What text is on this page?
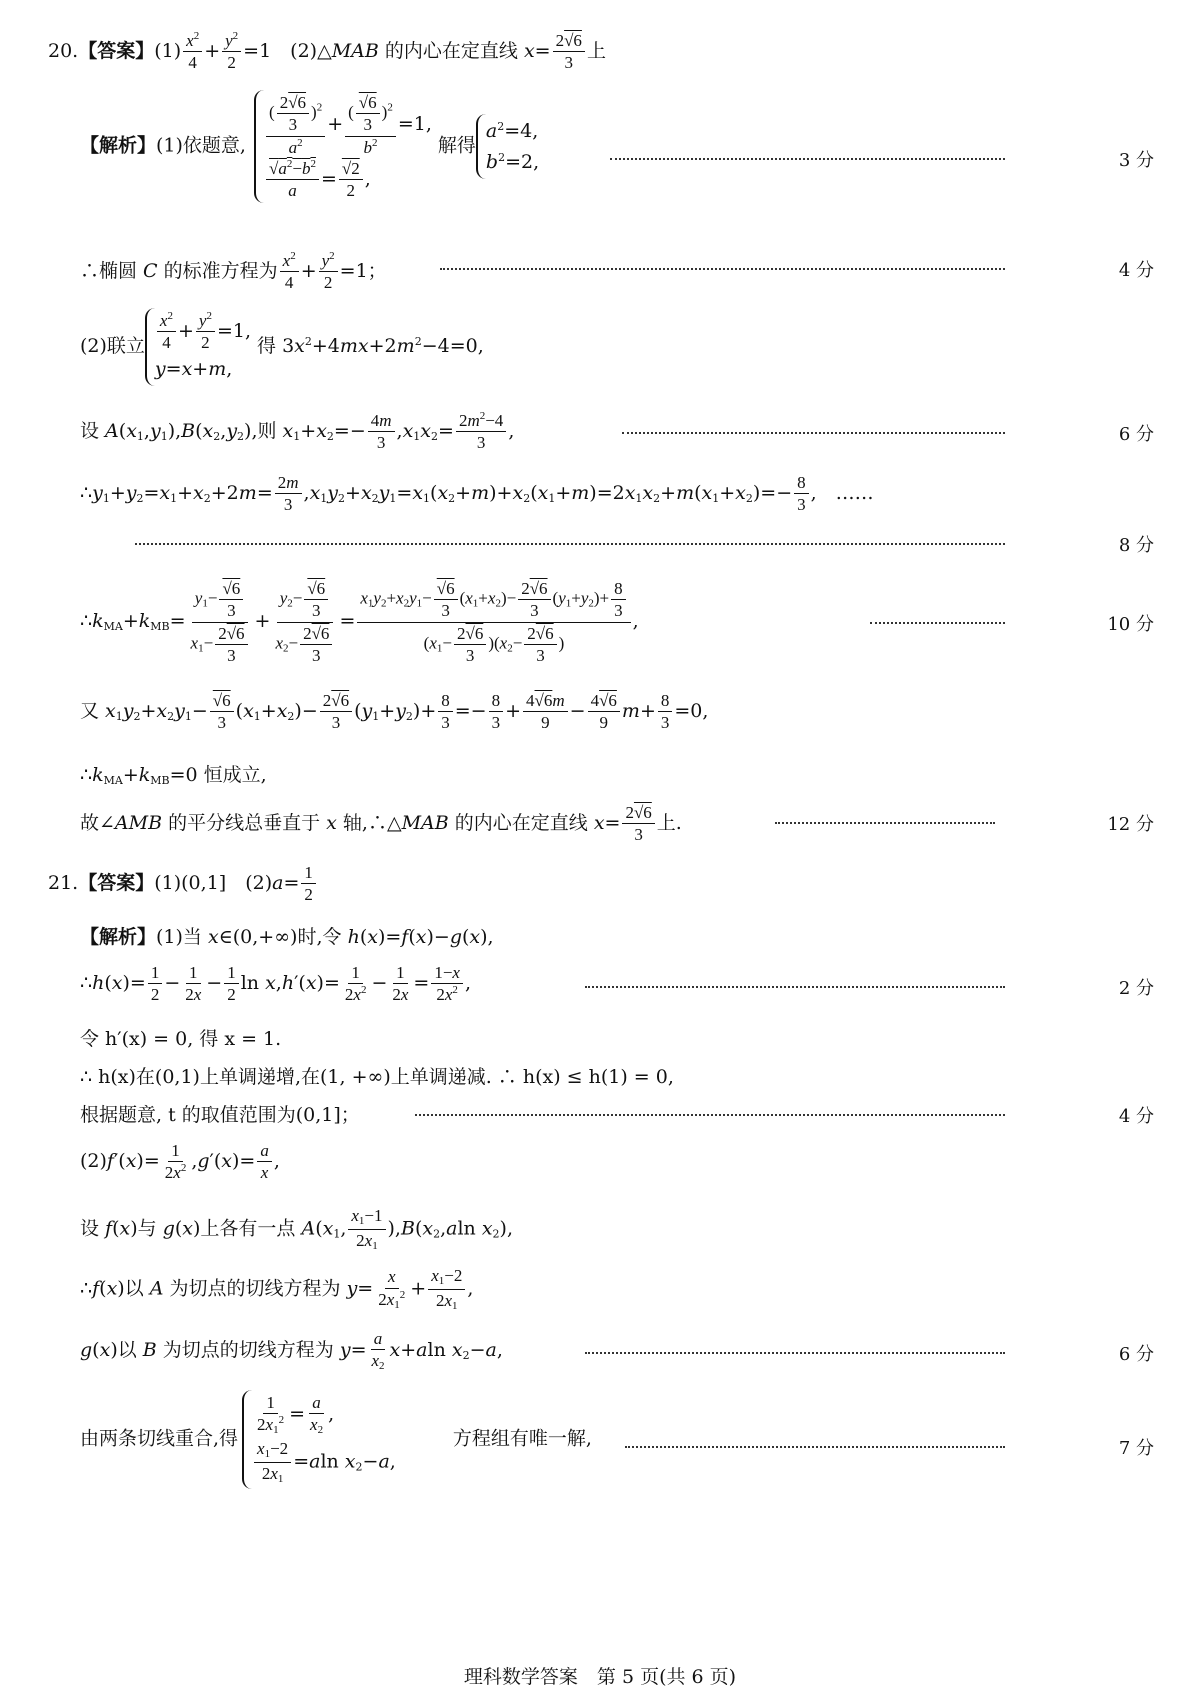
20.【答案】$(1) \frac{x^2}{4} + \frac{y^2}{2} =1$　(2)△MAB 的内心在定直线 $x= \frac{2√6}{3}$ 上
【解析】(1)依题意, $\frac{( \frac{2√6}{3} )^2}{a^2} + \frac{( \frac{√6}{3} )^2}{b^2} =1$,
$\frac{√a^2-b^2}{a} = \frac{√2}{2}$ ,
解得
$a^2=4$,
$b^2=2$,	3 分
∴椭圆 C 的标准方程为 $\frac{x^2}{4} + \frac{y^2}{2} =1$；	4 分
(2)联立 $\frac{x^2}{4} + \frac{y^2}{2} =1$,
y=x+m,
得 $3x^2+4mx+2m^2-4=0$,
设 $A(x_1,y_1),B(x_2,y_2)$,则 $x_1+x_2=- \frac{4m}{3} ,x_1x_2= \frac{2m^2-4}{3}$ ,	6 分
$\therefore y_1+y_2=x_1+x_2+2m= \frac{2m}{3} ,x_1y_2+x_2y_1=x_1(x_2+m)+x_2(x_1+m)=2x_1x_2+m(x_1+x_2)=- \frac{8}{3}$ ,　……
8 分
$\therefore k_{MA}+k_{MB}= \frac{y_1- \frac{√6}{3}}{x_1- \frac{2√6}{3}} + \frac{y_2- \frac{√6}{3}}{x_2- \frac{2√6}{3}} = \frac{x_1y_2+x_2y_1- \frac{√6}{3} (x_1+x_2)- \frac{2√6}{3} (y_1+y_2)+ \frac{8}{3}}{(x_1- \frac{2√6}{3} )(x_2- \frac{2√6}{3} )}$ ,	10 分
又 $x_1y_2+x_2y_1- \frac{√6}{3} (x_1+x_2)- \frac{2√6}{3} (y_1+y_2)+ \frac{8}{3} =- \frac{8}{3} + \frac{4√6m}{9} - \frac{4√6}{9} m+ \frac{8}{3} =0$,
$\therefore k_{MA}+k_{MB}=0$ 恒成立,
故∠AMB 的平分线总垂直于 x 轴,∴△MAB 的内心在定直线 $x= \frac{2√6}{3}$ 上.	12 分
21.【答案】(1)(0,1]　$(2)a= \frac{1}{2}$
【解析】(1)当 x∈(0,+∞)时,令 h(x)=f(x)−g(x),
∴h(x)= $\frac{1}{2} - \frac{1}{2x} - \frac{1}{2}$ $\ln x,h'(x)= \frac{1}{2x^2} - \frac{1}{2x} = \frac{1-x}{2x^2}$ ,	2 分
令 h′(x) = 0, 得 x = 1.
∴ h(x)在(0,1)上单调递增,在(1, +∞)上单调递减. ∴ h(x) ≤ h(1) = 0,
根据题意, t 的取值范围为(0,1]；	4 分
$(2)f'(x)= \frac{1}{2x^2} ,g'(x)= \frac{a}{x}$ ,
设 f(x)与 g(x)上各有一点 $A(x_1$, $\frac{x_1-1}{2x_1} ),B(x_2,aln$ $x_2$),
∴f(x)以 A 为切点的切线方程为 $y= \frac{x}{2x_1^2} + \frac{x_1-2}{2x_1}$ ,
g(x)以 B 为切点的切线方程为 $y= \frac{a}{x_2} x+aln$ $x_2-a$,	6 分
由两条切线重合,得
$\frac{1}{2x_1^2} = \frac{a}{x_2}$ ,
$\frac{x_1-2}{2x_1} =aln$ $x_2-a$,
　　　方程组有唯一解,	7 分
理科数学答案　第 5 页(共 6 页)
